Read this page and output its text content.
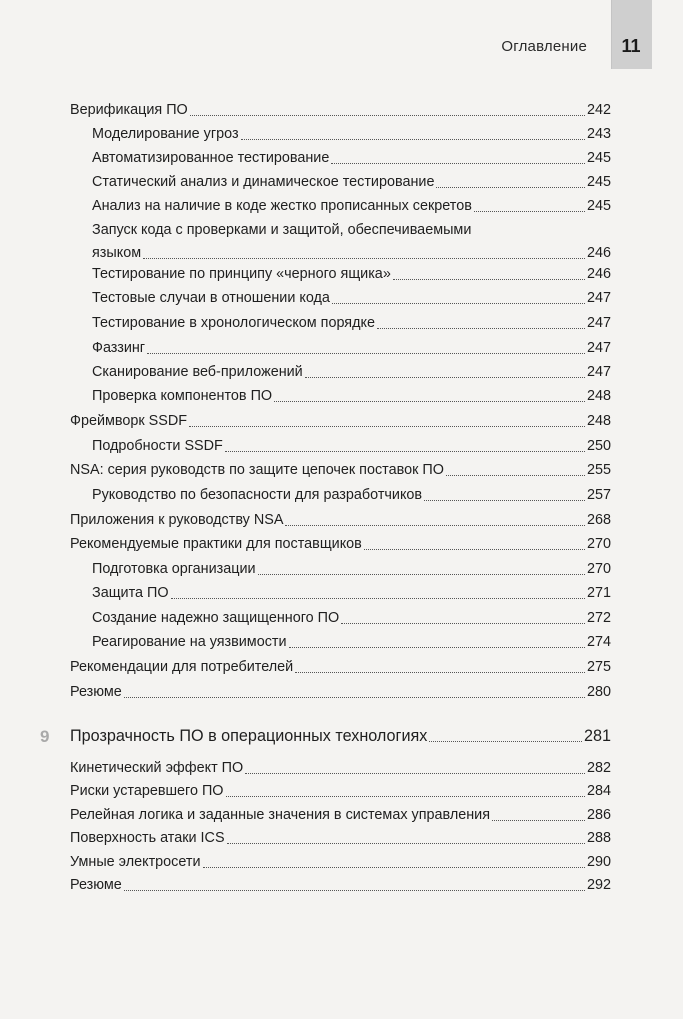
Оглавление	11
Верификация ПО	242
Моделирование угроз	243
Автоматизированное тестирование	245
Статический анализ и динамическое тестирование	245
Анализ на наличие в коде жестко прописанных секретов	245
Запуск кода с проверками и защитой, обеспечиваемыми
языком	246
Тестирование по принципу «черного ящика»	246
Тестовые случаи в отношении кода	247
Тестирование в хронологическом порядке	247
Фаззинг	247
Сканирование веб-приложений	247
Проверка компонентов ПО	248
Фреймворк SSDF	248
Подробности SSDF	250
NSA: серия руководств по защите цепочек поставок ПО	255
Руководство по безопасности для разработчиков	257
Приложения к руководству NSA	268
Рекомендуемые практики для поставщиков	270
Подготовка организации	270
Защита ПО	271
Создание надежно защищенного ПО	272
Реагирование на уязвимости	274
Рекомендации для потребителей	275
Резюме	280
9 Прозрачность ПО в операционных технологиях	281
Кинетический эффект ПО	282
Риски устаревшего ПО	284
Релейная логика и заданные значения в системах управления	286
Поверхность атаки ICS	288
Умные электросети	290
Резюме	292
